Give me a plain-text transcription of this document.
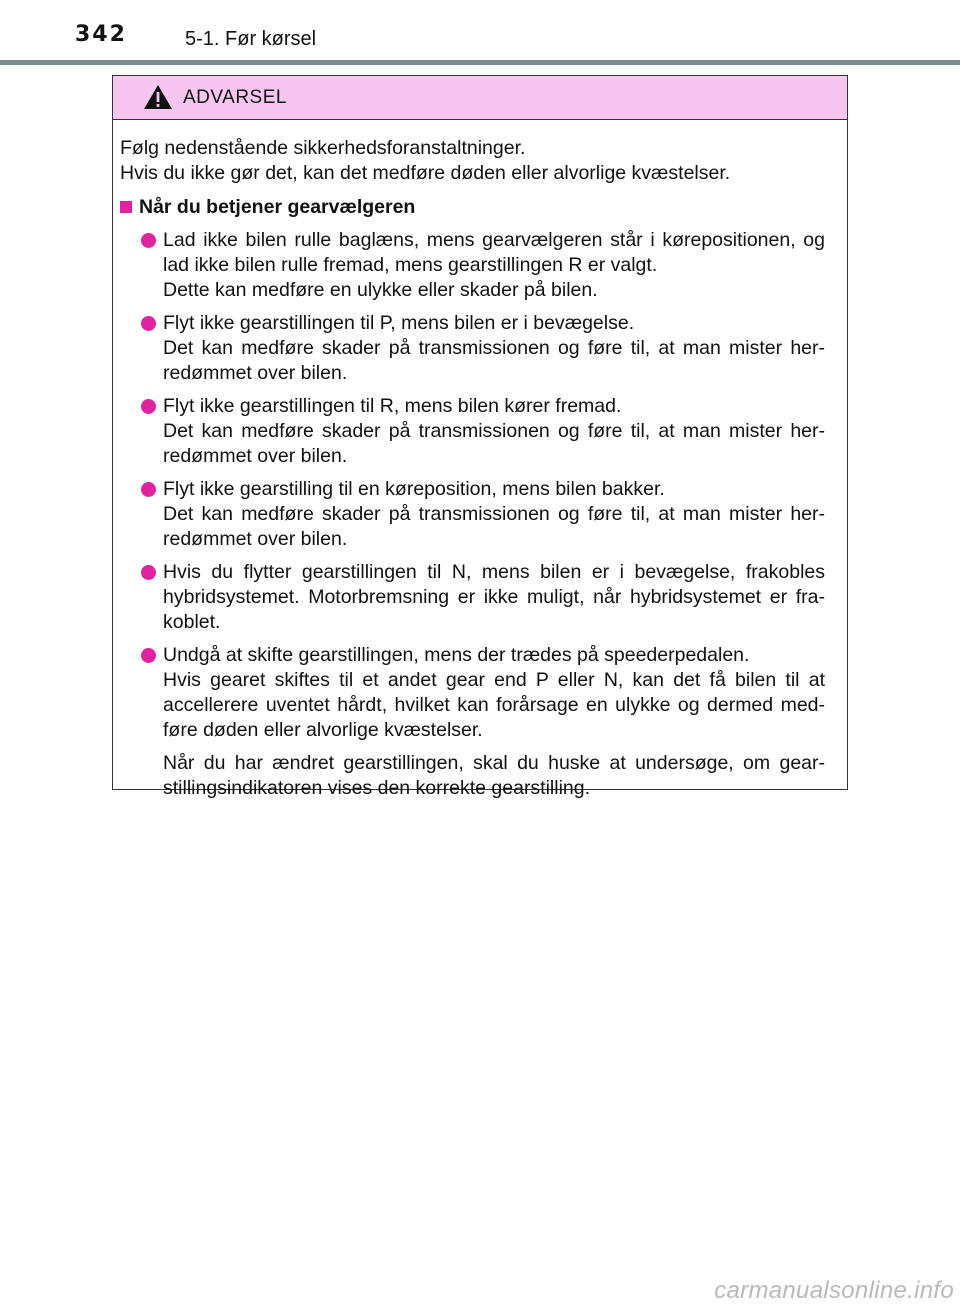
342	5-1. Før kørsel
ADVARSEL

Følg nedenstående sikkerhedsforanstaltninger.

Hvis du ikke gør det, kan det medføre døden eller alvorlige kvæstelser.

Når du betjener gearvælgeren

Lad ikke bilen rulle baglæns, mens gearvælgeren står i kørepositionen, og lad ikke bilen rulle fremad, mens gearstillingen R er valgt.

Dette kan medføre en ulykke eller skader på bilen.

Flyt ikke gearstillingen til P, mens bilen er i bevægelse.

Det kan medføre skader på transmissionen og føre til, at man mister her-redømmet over bilen.

Flyt ikke gearstillingen til R, mens bilen kører fremad.

Det kan medføre skader på transmissionen og føre til, at man mister her-redømmet over bilen.

Flyt ikke gearstilling til en køreposition, mens bilen bakker.

Det kan medføre skader på transmissionen og føre til, at man mister her-redømmet over bilen.

Hvis du flytter gearstillingen til N, mens bilen er i bevægelse, frakobles hybridsystemet. Motorbremsning er ikke muligt, når hybridsystemet er fra-koblet.

Undgå at skifte gearstillingen, mens der trædes på speederpedalen.

Hvis gearet skiftes til et andet gear end P eller N, kan det få bilen til at accellerere uventet hårdt, hvilket kan forårsage en ulykke og dermed med-føre døden eller alvorlige kvæstelser.

Når du har ændret gearstillingen, skal du huske at undersøge, om gear-stillingsindikatoren vises den korrekte gearstilling.

carmanualsonline.info
